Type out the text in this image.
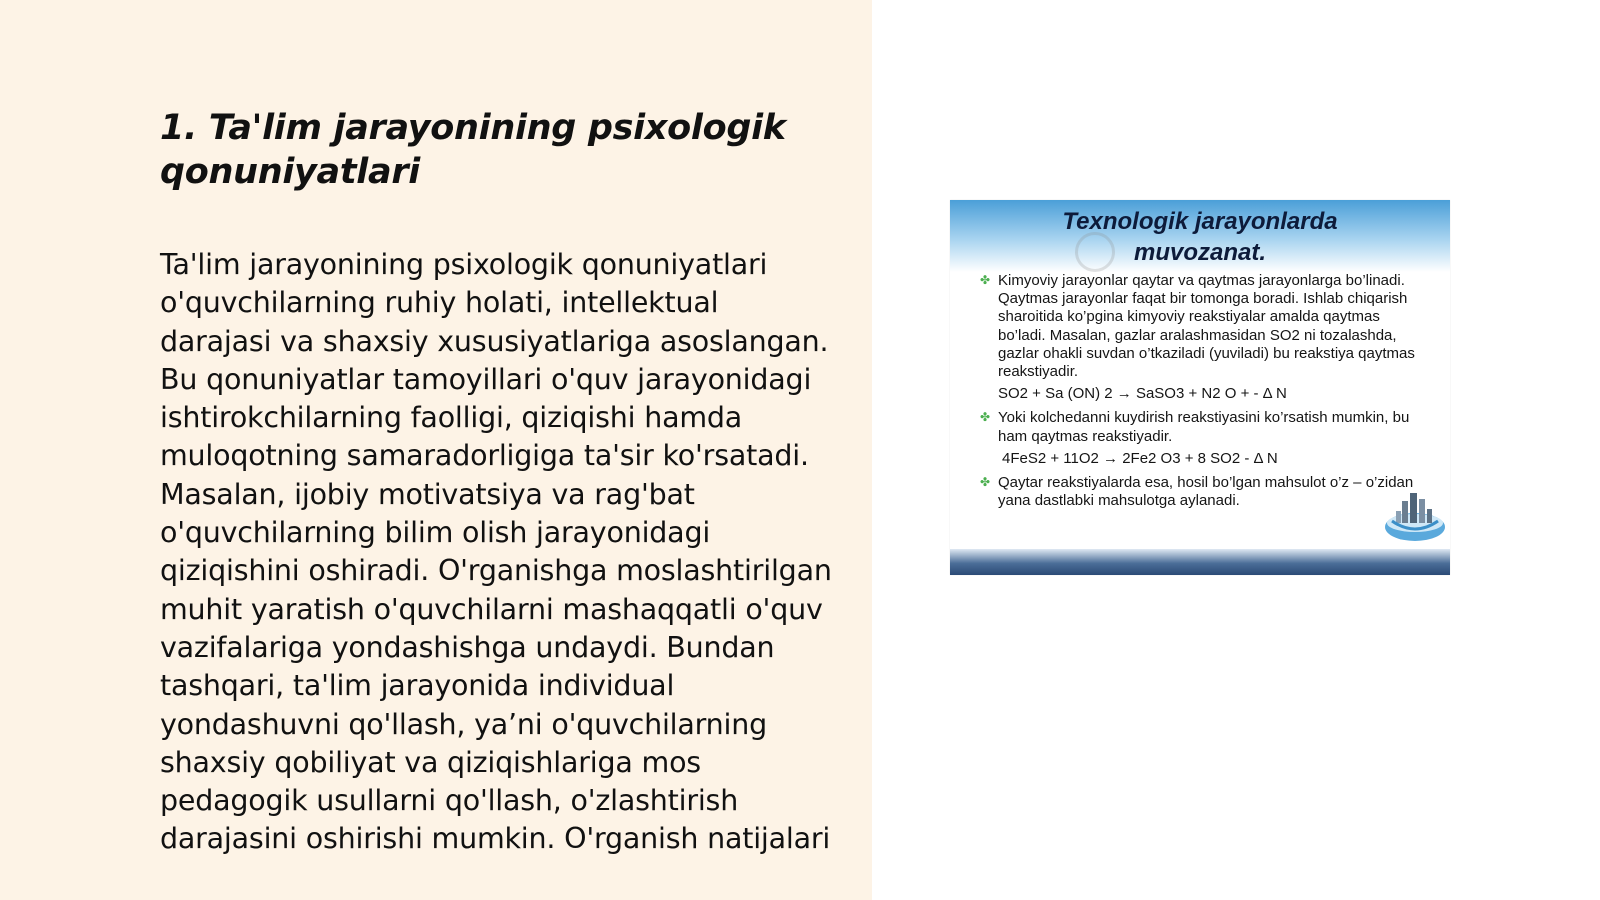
1. Ta'lim jarayonining psixologik qonuniyatlari

Ta'lim jarayonining psixologik qonuniyatlari o'quvchilarning ruhiy holati, intellektual darajasi va shaxsiy xususiyatlariga asoslangan. Bu qonuniyatlar tamoyillari o'quv jarayonidagi ishtirokchilarning faolligi, qiziqishi hamda muloqotning samaradorligiga ta'sir ko'rsatadi. Masalan, ijobiy motivatsiya va rag'bat o'quvchilarning bilim olish jarayonidagi qiziqishini oshiradi. O'rganishga moslashtirilgan muhit yaratish o'quvchilarni mashaqqatli o'quv vazifalariga yondashishga undaydi. Bundan tashqari, ta'lim jarayonida individual yondashuvni qo'llash, ya’ni o'quvchilarning shaxsiy qobiliyat va qiziqishlariga mos pedagogik usullarni qo'llash, o'zlashtirish darajasini oshirishi mumkin. O'rganish natijalari

Texnologik jarayonlarda
muvozanat.
✤ Kimyoviy jarayonlar qaytar va qaytmas jarayonlarga bo’linadi. Qaytmas jarayonlar faqat bir tomonga boradi. Ishlab chiqarish sharoitida ko’pgina kimyoviy reakstiyalar amalda qaytmas bo’ladi. Masalan, gazlar aralashmasidan SO2 ni tozalashda, gazlar ohakli suvdan o’tkaziladi (yuviladi) bu reakstiya qaytmas reakstiyadir.
SO2 + Sa (ON) 2 → SaSO3 + N2 O + - Δ N
✤ Yoki kolchedanni kuydirish reakstiyasini ko’rsatish mumkin, bu ham qaytmas reakstiyadir.
4FeS2 + 11O2 → 2Fe2 O3 + 8 SO2 - Δ N
✤ Qaytar reakstiyalarda esa, hosil bo’lgan mahsulot o’z – o’zidan yana dastlabki mahsulotga aylanadi.
